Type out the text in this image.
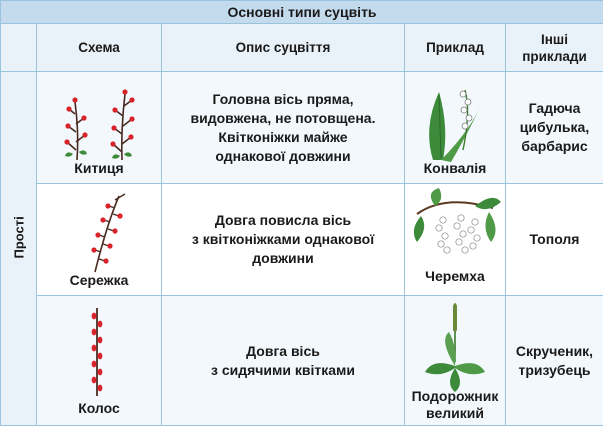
Основні типи суцвіть				
	Схема	Опис суцвіття	Приклад	Інші приклади

Прості	Китиця	Головна вісь пряма,
видовжена, не потовщена.
Квітконіжки майже
однакової довжини	Конвалія	Гадюча
цибулька,
барбарис

	Сережка	Довга повисла вісь
з квітконіжками однакової
довжини	Черемха	Тополя

	Колос	Довга вісь
з сидячими квітками	Подорожник
великий	Скрученик,
тризубець
